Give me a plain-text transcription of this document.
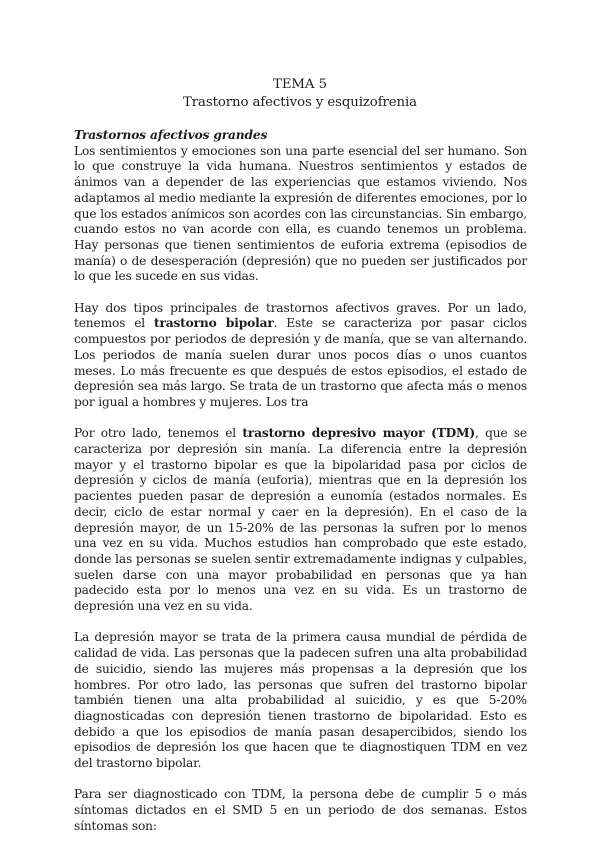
TEMA 5
Trastorno afectivos y esquizofrenia
Trastornos afectivos grandes

Los sentimientos y emociones son una parte esencial del ser humano. Son lo que construye la vida humana. Nuestros sentimientos y estados de ánimos van a depender de las experiencias que estamos viviendo. Nos adaptamos al medio mediante la expresión de diferentes emociones, por lo que los estados anímicos son acordes con las circunstancias. Sin embargo, cuando estos no van acorde con ella, es cuando tenemos un problema. Hay personas que tienen sentimientos de euforia extrema (episodios de manía) o de desesperación (depresión) que no pueden ser justificados por lo que les sucede en sus vidas.

Hay dos tipos principales de trastornos afectivos graves. Por un lado, tenemos el trastorno bipolar. Este se caracteriza por pasar ciclos compuestos por periodos de depresión y de manía, que se van alternando. Los periodos de manía suelen durar unos pocos días o unos cuantos meses. Lo más frecuente es que después de estos episodios, el estado de depresión sea más largo. Se trata de un trastorno que afecta más o menos por igual a hombres y mujeres. Los tra

Por otro lado, tenemos el trastorno depresivo mayor (TDM), que se caracteriza por depresión sin manía. La diferencia entre la depresión mayor y el trastorno bipolar es que la bipolaridad pasa por ciclos de depresión y ciclos de manía (euforia), mientras que en la depresión los pacientes pueden pasar de depresión a eunomía (estados normales. Es decir, ciclo de estar normal y caer en la depresión). En el caso de la depresión mayor, de un 15-20% de las personas la sufren por lo menos una vez en su vida. Muchos estudios han comprobado que este estado, donde las personas se suelen sentir extremadamente indignas y culpables, suelen darse con una mayor probabilidad en personas que ya han padecido esta por lo menos una vez en su vida. Es un trastorno de depresión una vez en su vida.

La depresión mayor se trata de la primera causa mundial de pérdida de calidad de vida. Las personas que la padecen sufren una alta probabilidad de suicidio, siendo las mujeres más propensas a la depresión que los hombres. Por otro lado, las personas que sufren del trastorno bipolar también tienen una alta probabilidad al suicidio, y es que 5-20% diagnosticadas con depresión tienen trastorno de bipolaridad. Esto es debido a que los episodios de manía pasan desapercibidos, siendo los episodios de depresión los que hacen que te diagnostiquen TDM en vez del trastorno bipolar.

Para ser diagnosticado con TDM, la persona debe de cumplir 5 o más síntomas dictados en el SMD 5 en un periodo de dos semanas. Estos síntomas son:
